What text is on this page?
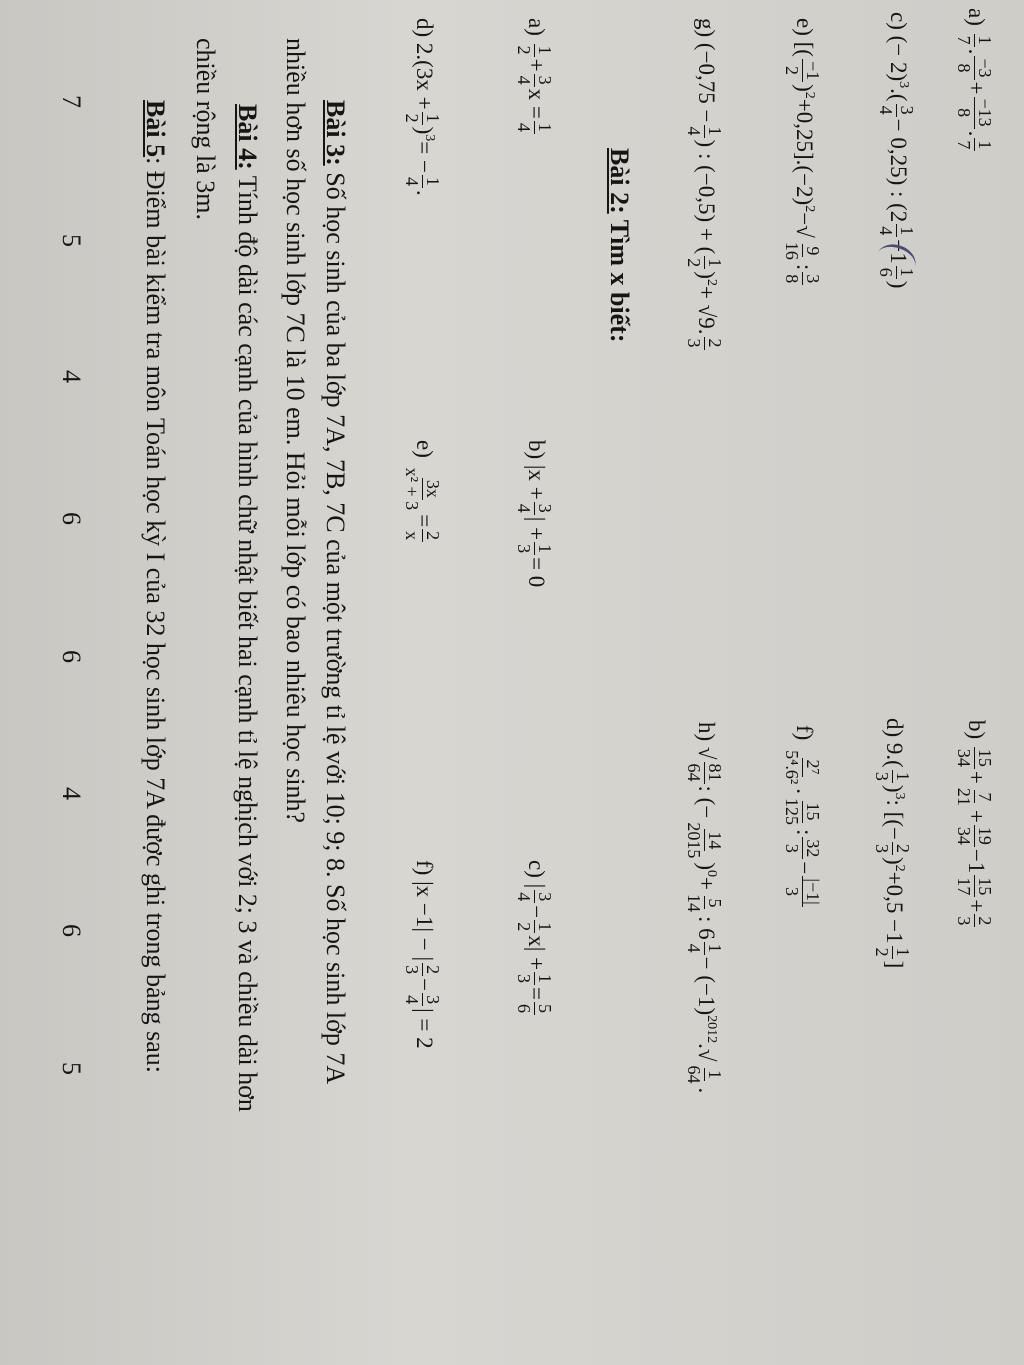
a)
1
7
.
−3
8
+
−13
8
.
1
7
b)
15
34
+
7
21
+
19
34
−1
15
17
+
2
3
c) (− 2)$^3$.(
3
4
− 0,25) : (2
1
4
−1
1
6
)
d) 9.(
1
3
)$^3$: [(−
2
3
)$^2$+0,5 −1
1
2
]
e) [(
−1
2
)$^2+0,25].(-2)^2-√$
9
16
:
3
8
f)
2⁷
5⁴.6²
.
15
125
:
32
3
−
|−1|
3
g) (−0,75 −
1
4
) : (−0,5) + (
1
2
)$^2$+ √9.
2
3
h) √
81
64
: (−
14
2015
)$^0$+
5
14
: 6
1
4
− $(-1)^{2012}.√$
1
64
.
Bài 2: Tìm x biết:
a)
1
2
+
3
4
x =
1
4
b) |x +
3
4
| +
1
3
= 0
c) |
3
4
−
1
2
x| +
1
3
=
5
6
d) 2.(3x +
1
2
)$^3$= −
1
4
.
e)
3x
x² + 3
=
2
x
f) |x −1| − |
2
3
−
3
4
| = 2
Bài 3: Số học sinh của ba lớp 7A, 7B, 7C của một trường tỉ lệ với 10; 9; 8. Số học sinh lớp 7A
nhiều hơn số học sinh lớp 7C là 10 em. Hỏi mỗi lớp có bao nhiêu học sinh?
Bài 4: Tính độ dài các cạnh của hình chữ nhật biết hai cạnh tỉ lệ nghịch với 2; 3 và chiều dài hơn
chiều rộng là 3m.
Bài 5: Điểm bài kiểm tra môn Toán học kỳ I của 32 học sinh lớp 7A được ghi trong bảng sau:
7
5
4
6
6
4
6
5
